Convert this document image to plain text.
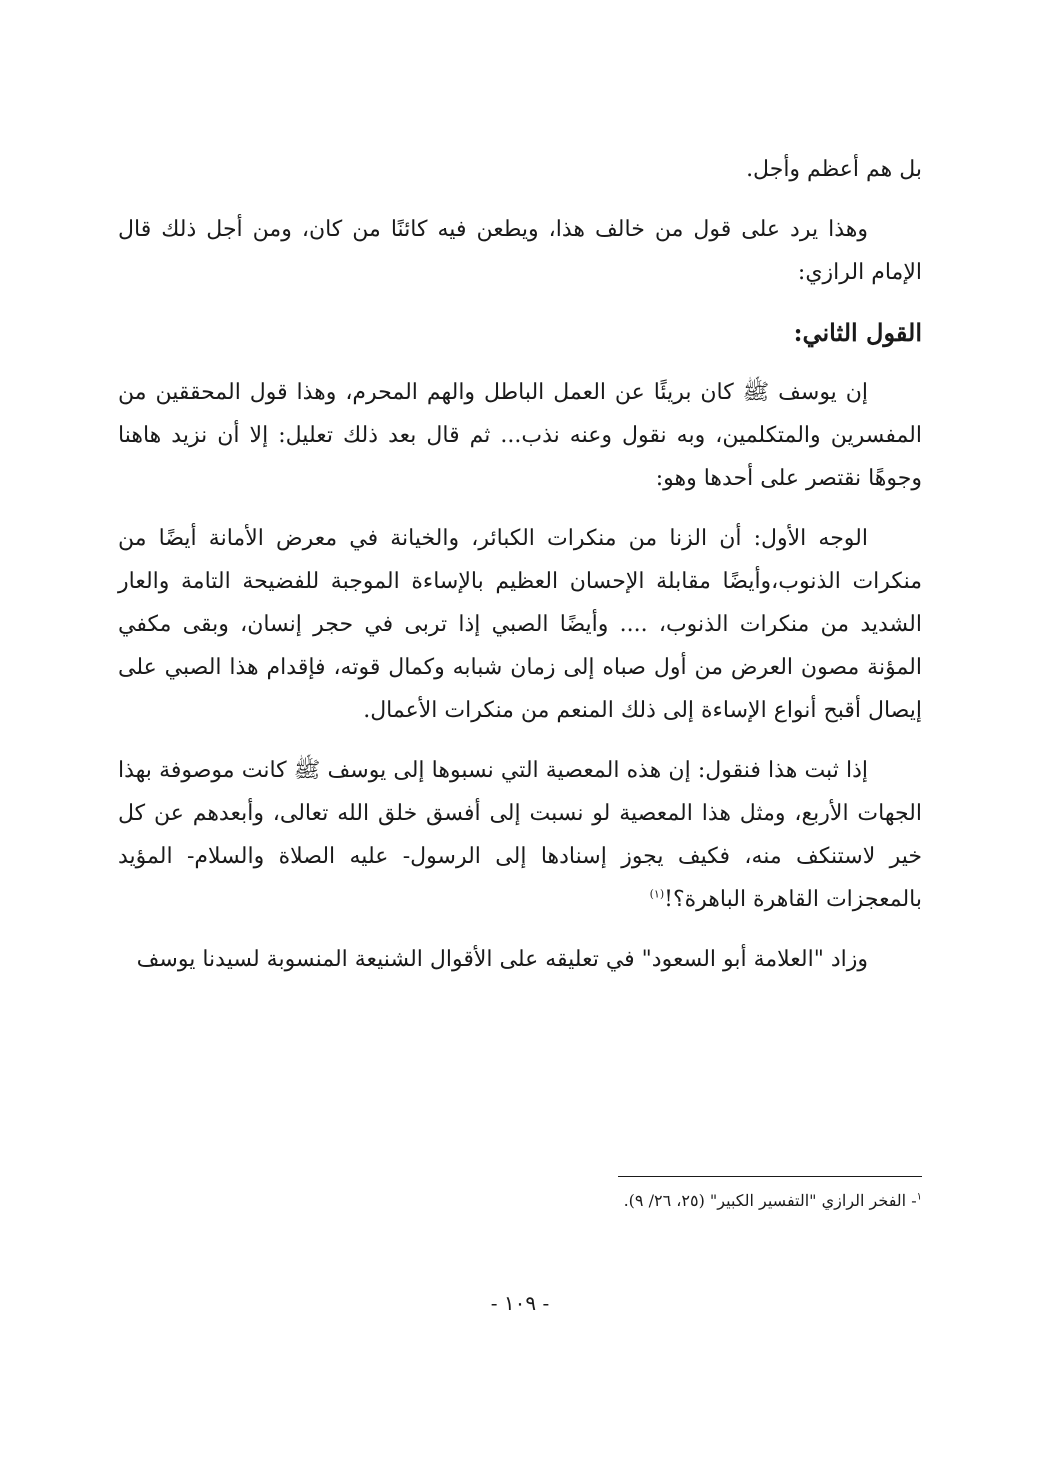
بل هم أعظم وأجل.

وهذا يرد على قول من خالف هذا، ويطعن فيه كائنًا من كان، ومن أجل ذلك قال الإمام الرازي:

القول الثاني:

إن يوسف ﷺ كان بريئًا عن العمل الباطل والهم المحرم، وهذا قول المحققين من المفسرين والمتكلمين، وبه نقول وعنه نذب... ثم قال بعد ذلك تعليل: إلا أن نزيد هاهنا وجوهًا نقتصر على أحدها وهو:

الوجه الأول: أن الزنا من منكرات الكبائر، والخيانة في معرض الأمانة أيضًا من منكرات الذنوب،وأيضًا مقابلة الإحسان العظيم بالإساءة الموجبة للفضيحة التامة والعار الشديد من منكرات الذنوب، .... وأيضًا الصبي إذا تربى في حجر إنسان، وبقى مكفي المؤنة مصون العرض من أول صباه إلى زمان شبابه وكمال قوته، فإقدام هذا الصبي على إيصال أقبح أنواع الإساءة إلى ذلك المنعم من منكرات الأعمال.

إذا ثبت هذا فنقول: إن هذه المعصية التي نسبوها إلى يوسف ﷺ كانت موصوفة بهذا الجهات الأربع، ومثل هذا المعصية لو نسبت إلى أفسق خلق الله تعالى، وأبعدهم عن كل خير لاستنكف منه، فكيف يجوز إسنادها إلى الرسول- عليه الصلاة والسلام- المؤيد بالمعجزات القاهرة الباهرة؟!$^{(١)}$

وزاد "العلامة أبو السعود" في تعليقه على الأقوال الشنيعة المنسوبة لسيدنا يوسف

$^١$- الفخر الرازي "التفسير الكبير" (٢٥، ٢٦/ ٩).
- ١٠٩ -
